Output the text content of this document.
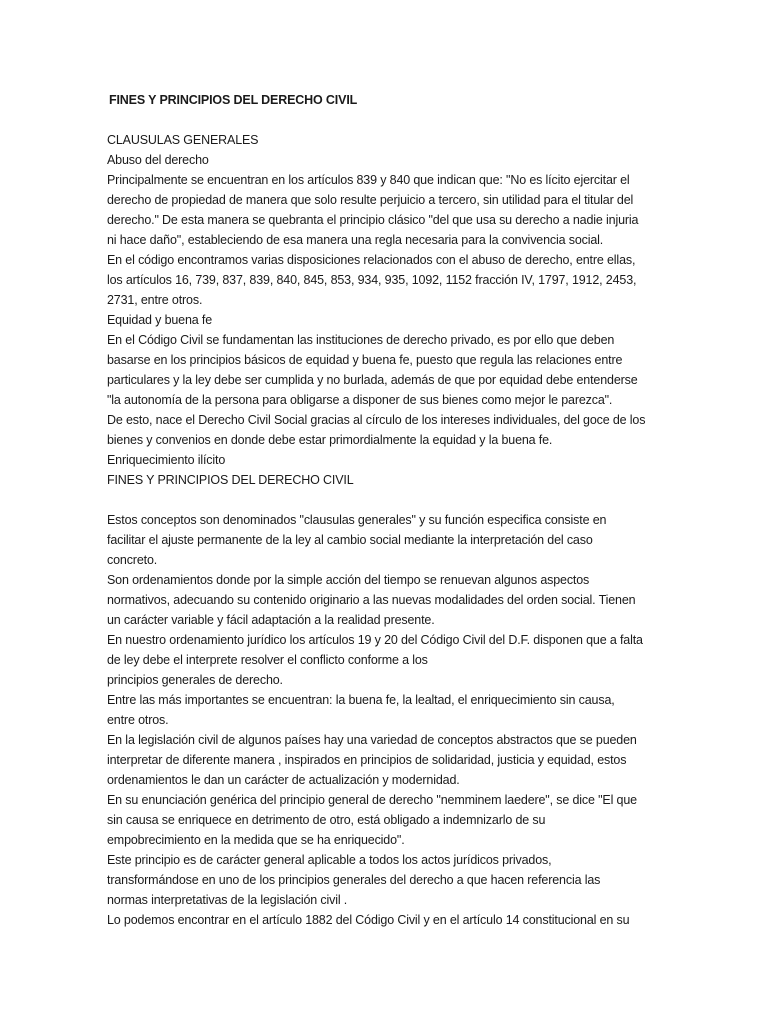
FINES Y PRINCIPIOS DEL DERECHO CIVIL
CLAUSULAS GENERALES
Abuso del derecho
Principalmente se encuentran en los artículos 839 y 840 que indican que: "No es lícito ejercitar el
derecho de propiedad de manera que solo resulte perjuicio a tercero, sin utilidad para el titular del
derecho." De esta manera se quebranta el principio clásico "del que usa su derecho a nadie injuria
ni hace daño", estableciendo de esa manera una regla necesaria para la convivencia social.
En el código encontramos varias disposiciones relacionados con el abuso de derecho, entre ellas,
los artículos 16, 739, 837, 839, 840, 845, 853, 934, 935, 1092, 1152 fracción IV, 1797, 1912, 2453,
2731, entre otros.
Equidad y buena fe
En el Código Civil se fundamentan las instituciones de derecho privado, es por ello que deben
basarse en los principios básicos de equidad y buena fe, puesto que regula las relaciones entre
particulares y la ley debe ser cumplida y no burlada, además de que por equidad debe entenderse
"la autonomía de la persona para obligarse a disponer de sus bienes como mejor le parezca".
De esto, nace el Derecho Civil Social gracias al círculo de los intereses individuales, del goce de los
bienes y convenios en donde debe estar primordialmente la equidad y la buena fe.
Enriquecimiento ilícito
FINES Y PRINCIPIOS DEL DERECHO CIVIL
Estos conceptos son denominados "clausulas generales" y su función especifica consiste en
facilitar el ajuste permanente de la ley al cambio social mediante la interpretación del caso
concreto.
Son ordenamientos donde por la simple acción del tiempo se renuevan algunos aspectos
normativos, adecuando su contenido originario a las nuevas modalidades del orden social. Tienen
un carácter variable y fácil adaptación a la realidad presente.
En nuestro ordenamiento jurídico los artículos 19 y 20 del Código Civil del D.F. disponen que a falta
de ley debe el interprete resolver el conflicto conforme a los
principios generales de derecho.
Entre las más importantes se encuentran: la buena fe, la lealtad, el enriquecimiento sin causa,
entre otros.
En la legislación civil de algunos países hay una variedad de conceptos abstractos que se pueden
interpretar de diferente manera , inspirados en principios de solidaridad, justicia y equidad, estos
ordenamientos le dan un carácter de actualización y modernidad.
En su enunciación genérica del principio general de derecho "nemminem laedere", se dice "El que
sin causa se enriquece en detrimento de otro, está obligado a indemnizarlo de su
empobrecimiento en la medida que se ha enriquecido".
Este principio es de carácter general aplicable a todos los actos jurídicos privados,
transformándose en uno de los principios generales del derecho a que hacen referencia las
normas interpretativas de la legislación civil .
Lo podemos encontrar en el artículo 1882 del Código Civil y en el artículo 14 constitucional en su
